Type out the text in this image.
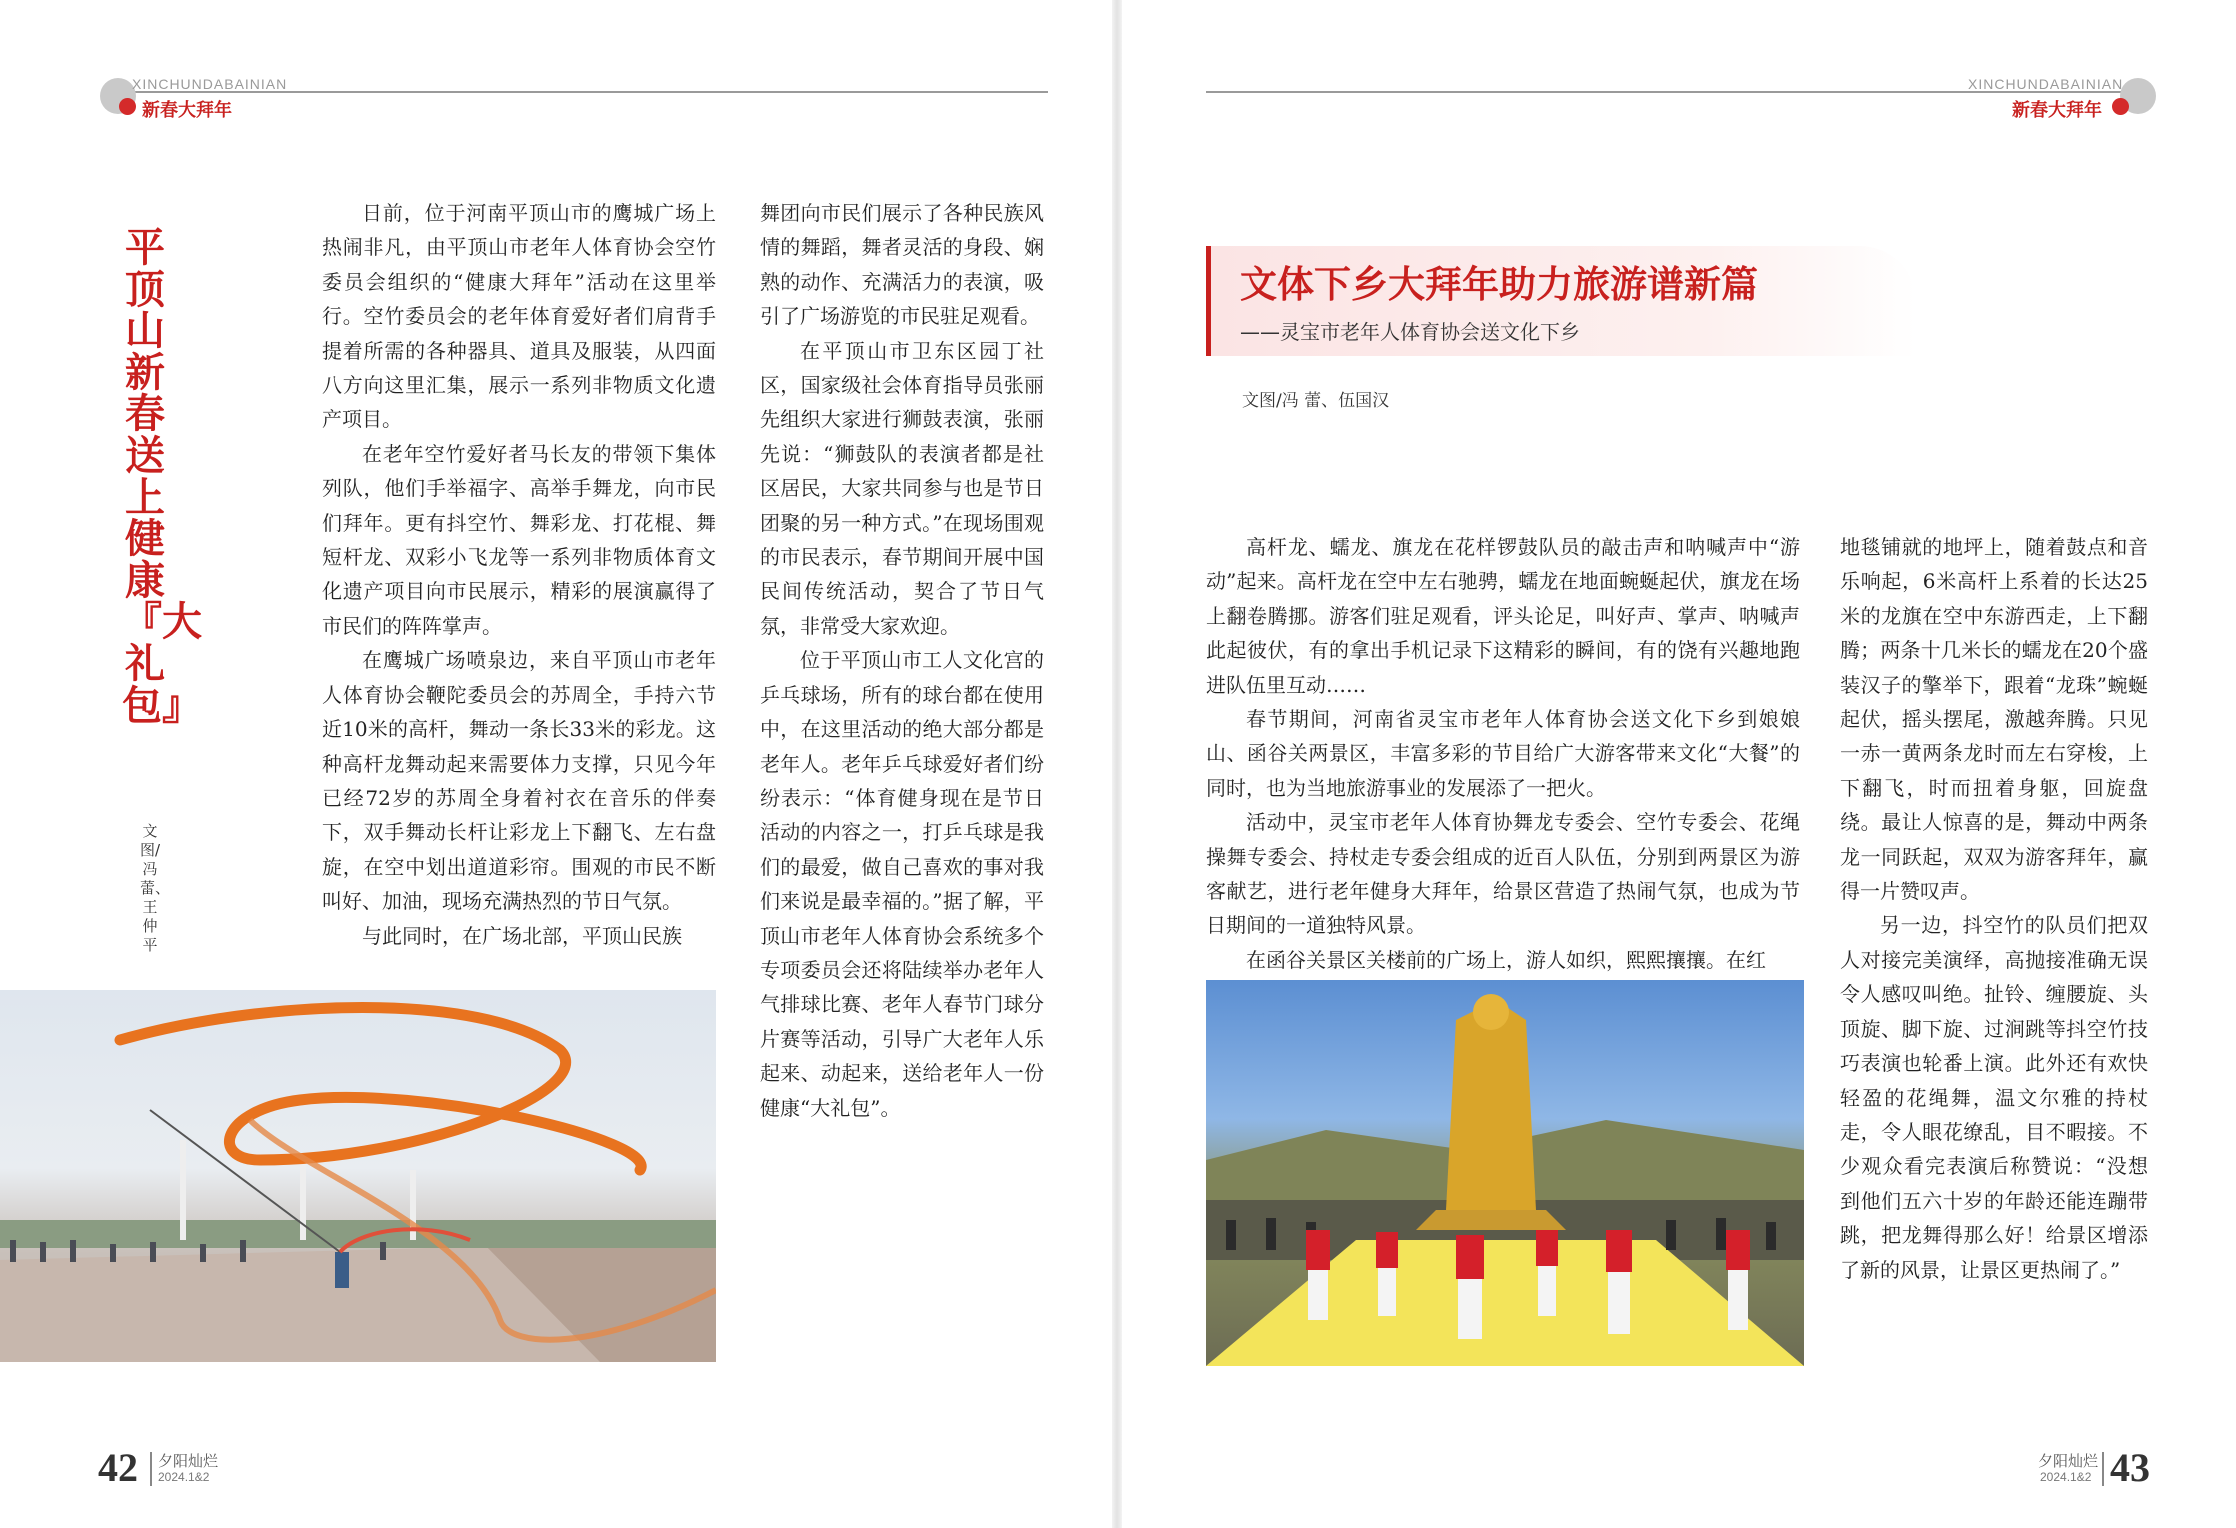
XINCHUNDABAINIAN
新春大拜年
平顶山新春送上健康『大礼包』
文图/冯 蕾、王仲平

日前，位于河南平顶山市的鹰城广场上热闹非凡，由平顶山市老年人体育协会空竹委员会组织的“健康大拜年”活动在这里举行。空竹委员会的老年体育爱好者们肩背手提着所需的各种器具、道具及服装，从四面八方向这里汇集，展示一系列非物质文化遗产项目。

在老年空竹爱好者马长友的带领下集体列队，他们手举福字、高举手舞龙，向市民们拜年。更有抖空竹、舞彩龙、打花棍、舞短杆龙、双彩小飞龙等一系列非物质体育文化遗产项目向市民展示，精彩的展演赢得了市民们的阵阵掌声。

在鹰城广场喷泉边，来自平顶山市老年人体育协会鞭陀委员会的苏周全，手持六节近10米的高杆，舞动一条长33米的彩龙。这种高杆龙舞动起来需要体力支撑，只见今年已经72岁的苏周全身着衬衣在音乐的伴奏下，双手舞动长杆让彩龙上下翻飞、左右盘旋，在空中划出道道彩帘。围观的市民不断叫好、加油，现场充满热烈的节日气氛。

与此同时，在广场北部，平顶山民族

舞团向市民们展示了各种民族风情的舞蹈，舞者灵活的身段、娴熟的动作、充满活力的表演，吸引了广场游览的市民驻足观看。

在平顶山市卫东区园丁社区，国家级社会体育指导员张丽先组织大家进行狮鼓表演，张丽先说：“狮鼓队的表演者都是社区居民，大家共同参与也是节日团聚的另一种方式。”在现场围观的市民表示，春节期间开展中国民间传统活动，契合了节日气氛，非常受大家欢迎。

位于平顶山市工人文化宫的乒乓球场，所有的球台都在使用中，在这里活动的绝大部分都是老年人。老年乒乓球爱好者们纷纷表示：“体育健身现在是节日活动的内容之一，打乒乓球是我们的最爱，做自己喜欢的事对我们来说是最幸福的。”据了解，平顶山市老年人体育协会系统多个专项委员会还将陆续举办老年人气排球比赛、老年人春节门球分片赛等活动，引导广大老年人乐起来、动起来，送给老年人一份健康“大礼包”。

42 夕阳灿烂
2024.1&2
XINCHUNDABAINIAN
新春大拜年
文体下乡大拜年助力旅游谱新篇
——灵宝市老年人体育协会送文化下乡
文图/冯 蕾、伍国汉

高杆龙、蠕龙、旗龙在花样锣鼓队员的敲击声和呐喊声中“游动”起来。高杆龙在空中左右驰骋，蠕龙在地面蜿蜒起伏，旗龙在场上翻卷腾挪。游客们驻足观看，评头论足，叫好声、掌声、呐喊声此起彼伏，有的拿出手机记录下这精彩的瞬间，有的饶有兴趣地跑进队伍里互动……

春节期间，河南省灵宝市老年人体育协会送文化下乡到娘娘山、函谷关两景区，丰富多彩的节目给广大游客带来文化“大餐”的同时，也为当地旅游事业的发展添了一把火。

活动中，灵宝市老年人体育协舞龙专委会、空竹专委会、花绳操舞专委会、持杖走专委会组成的近百人队伍，分别到两景区为游客献艺，进行老年健身大拜年，给景区营造了热闹气氛，也成为节日期间的一道独特风景。

在函谷关景区关楼前的广场上，游人如织，熙熙攘攘。在红

地毯铺就的地坪上，随着鼓点和音乐响起，6米高杆上系着的长达25米的龙旗在空中东游西走，上下翻腾；两条十几米长的蠕龙在20个盛装汉子的擎举下，跟着“龙珠”蜿蜒起伏，摇头摆尾，激越奔腾。只见一赤一黄两条龙时而左右穿梭，上下翻飞，时而扭着身躯，回旋盘绕。最让人惊喜的是，舞动中两条龙一同跃起，双双为游客拜年，赢得一片赞叹声。

另一边，抖空竹的队员们把双人对接完美演绎，高抛接准确无误令人感叹叫绝。扯铃、缠腰旋、头顶旋、脚下旋、过涧跳等抖空竹技巧表演也轮番上演。此外还有欢快轻盈的花绳舞，温文尔雅的持杖走，令人眼花缭乱，目不暇接。不少观众看完表演后称赞说：“没想到他们五六十岁的年龄还能连蹦带跳，把龙舞得那么好！给景区增添了新的风景，让景区更热闹了。”

夕阳灿烂
2024.1&2 43
